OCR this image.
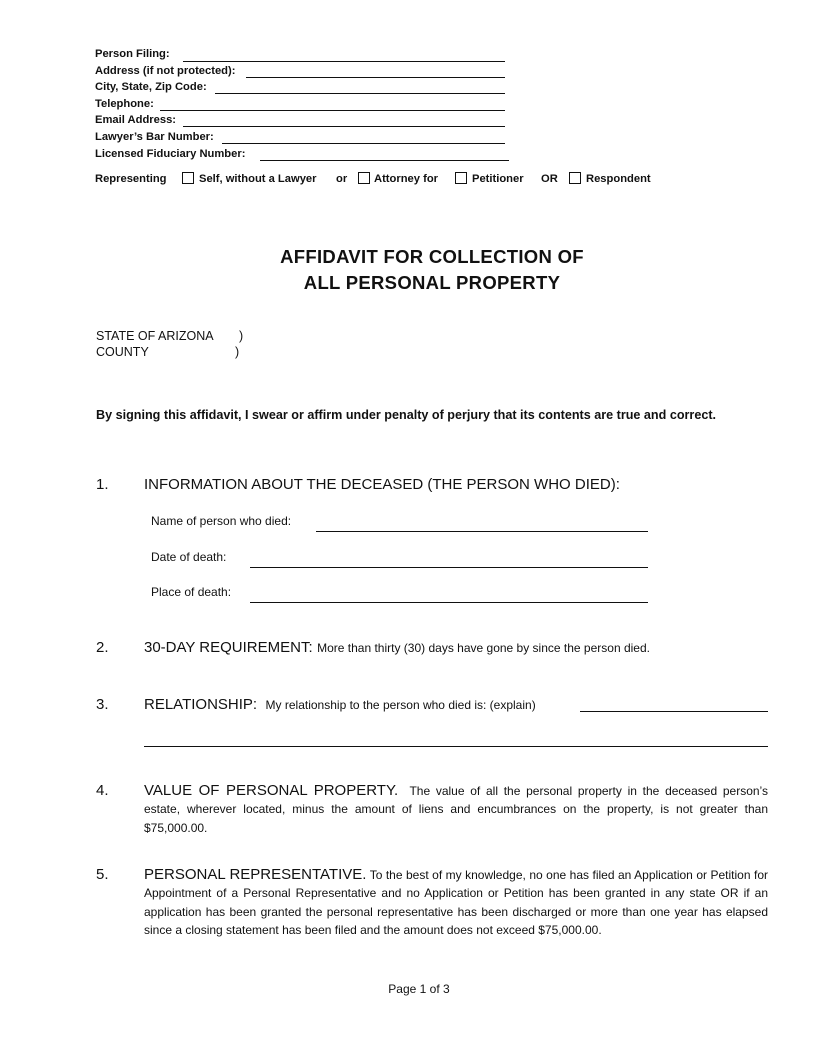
Person Filing:
Address (if not protected):
City, State, Zip Code:
Telephone:
Email Address:
Lawyer’s Bar Number:
Licensed Fiduciary Number:
Representing	Self, without a Lawyer or Attorney for	Petitioner OR	Respondent
AFFIDAVIT FOR COLLECTION OF
ALL PERSONAL PROPERTY
STATE OF ARIZONA )
COUNTY	)
By signing this affidavit, I swear or affirm under penalty of perjury that its contents are true and correct.
1. INFORMATION ABOUT THE DECEASED (THE PERSON WHO DIED):
Name of person who died:
Date of death:
Place of death:
2. 30-DAY REQUIREMENT: More than thirty (30) days have gone by since the person died.
3. RELATIONSHIP: My relationship to the person who died is: (explain)
4. VALUE OF PERSONAL PROPERTY. The value of all the personal property in the deceased person’s estate, wherever located, minus the amount of liens and encumbrances on the property, is not greater than $75,000.00.
5. PERSONAL REPRESENTATIVE. To the best of my knowledge, no one has filed an Application or Petition for Appointment of a Personal Representative and no Application or Petition has been granted in any state OR if an application has been granted the personal representative has been discharged or more than one year has elapsed since a closing statement has been filed and the amount does not exceed $75,000.00.
Page 1 of 3
